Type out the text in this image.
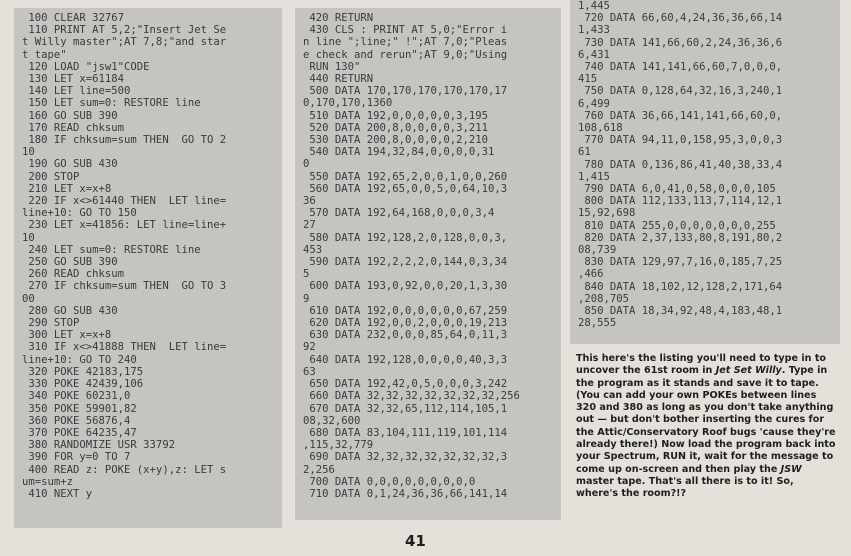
100 CLEAR 32767
110 PRINT AT 5,2;"Insert Jet Se
t Willy master";AT 7,8;"and star
t tape"
120 LOAD "jsw1"CODE
130 LET x=61184
140 LET line=500
150 LET sum=0: RESTORE line
160 GO SUB 390
170 READ chksum
180 IF chksum=sum THEN  GO TO 2
10
190 GO SUB 430
200 STOP
210 LET x=x+8
220 IF x<>61440 THEN  LET line=
line+10: GO TO 150
230 LET x=41856: LET line=line+
10
240 LET sum=0: RESTORE line
250 GO SUB 390
260 READ chksum
270 IF chksum=sum THEN  GO TO 3
00
280 GO SUB 430
290 STOP
300 LET x=x+8
310 IF x<>41888 THEN  LET line=
line+10: GO TO 240
320 POKE 42183,175
330 POKE 42439,106
340 POKE 60231,0
350 POKE 59901,82
360 POKE 56876,4
370 POKE 64235,47
380 RANDOMIZE USR 33792
390 FOR y=0 TO 7
400 READ z: POKE (x+y),z: LET s
um=sum+z
410 NEXT y

420 RETURN
430 CLS : PRINT AT 5,0;"Error i
n line ";line;" !";AT 7,0;"Pleas
e check and rerun";AT 9,0;"Using
RUN 130"
440 RETURN
500 DATA 170,170,170,170,170,17
0,170,170,1360
510 DATA 192,0,0,0,0,0,3,195
520 DATA 200,8,0,0,0,0,3,211
530 DATA 200,8,0,0,0,0,2,210
540 DATA 194,32,84,0,0,0,0,31
0
550 DATA 192,65,2,0,0,1,0,0,260
560 DATA 192,65,0,0,5,0,64,10,3
36
570 DATA 192,64,168,0,0,0,3,4
27
580 DATA 192,128,2,0,128,0,0,3,
453
590 DATA 192,2,2,2,0,144,0,3,34
5
600 DATA 193,0,92,0,0,20,1,3,30
9
610 DATA 192,0,0,0,0,0,0,67,259
620 DATA 192,0,0,2,0,0,0,19,213
630 DATA 232,0,0,0,85,64,0,11,3
92
640 DATA 192,128,0,0,0,0,40,3,3
63
650 DATA 192,42,0,5,0,0,0,3,242
660 DATA 32,32,32,32,32,32,32,256
670 DATA 32,32,65,112,114,105,1
08,32,600
680 DATA 83,104,111,119,101,114
,115,32,779
690 DATA 32,32,32,32,32,32,32,3
2,256
700 DATA 0,0,0,0,0,0,0,0,0
710 DATA 0,1,24,36,36,66,141,14

1,445
720 DATA 66,60,4,24,36,36,66,14
1,433
730 DATA 141,66,60,2,24,36,36,6
6,431
740 DATA 141,141,66,60,7,0,0,0,
415
750 DATA 0,128,64,32,16,3,240,1
6,499
760 DATA 36,66,141,141,66,60,0,
108,618
770 DATA 94,11,0,158,95,3,0,0,3
61
780 DATA 0,136,86,41,40,38,33,4
1,415
790 DATA 6,0,41,0,58,0,0,0,105
800 DATA 112,133,113,7,114,12,1
15,92,698
810 DATA 255,0,0,0,0,0,0,0,255
820 DATA 2,37,133,80,8,191,80,2
08,739
830 DATA 129,97,7,16,0,185,7,25
,466
840 DATA 18,102,12,128,2,171,64
,208,705
850 DATA 18,34,92,48,4,183,48,1
28,555

This here's the listing you'll need to type in to uncover the 61st room in Jet Set Willy. Type in the program as it stands and save it to tape. (You can add your own POKEs between lines 320 and 380 as long as you don't take anything out — but don't bother inserting the cures for the Attic/Conservatory Roof bugs 'cause they're already there!) Now load the program back into your Spectrum, RUN it, wait for the message to come up on-screen and then play the JSW master tape. That's all there is to it! So, where's the room?!?

41
